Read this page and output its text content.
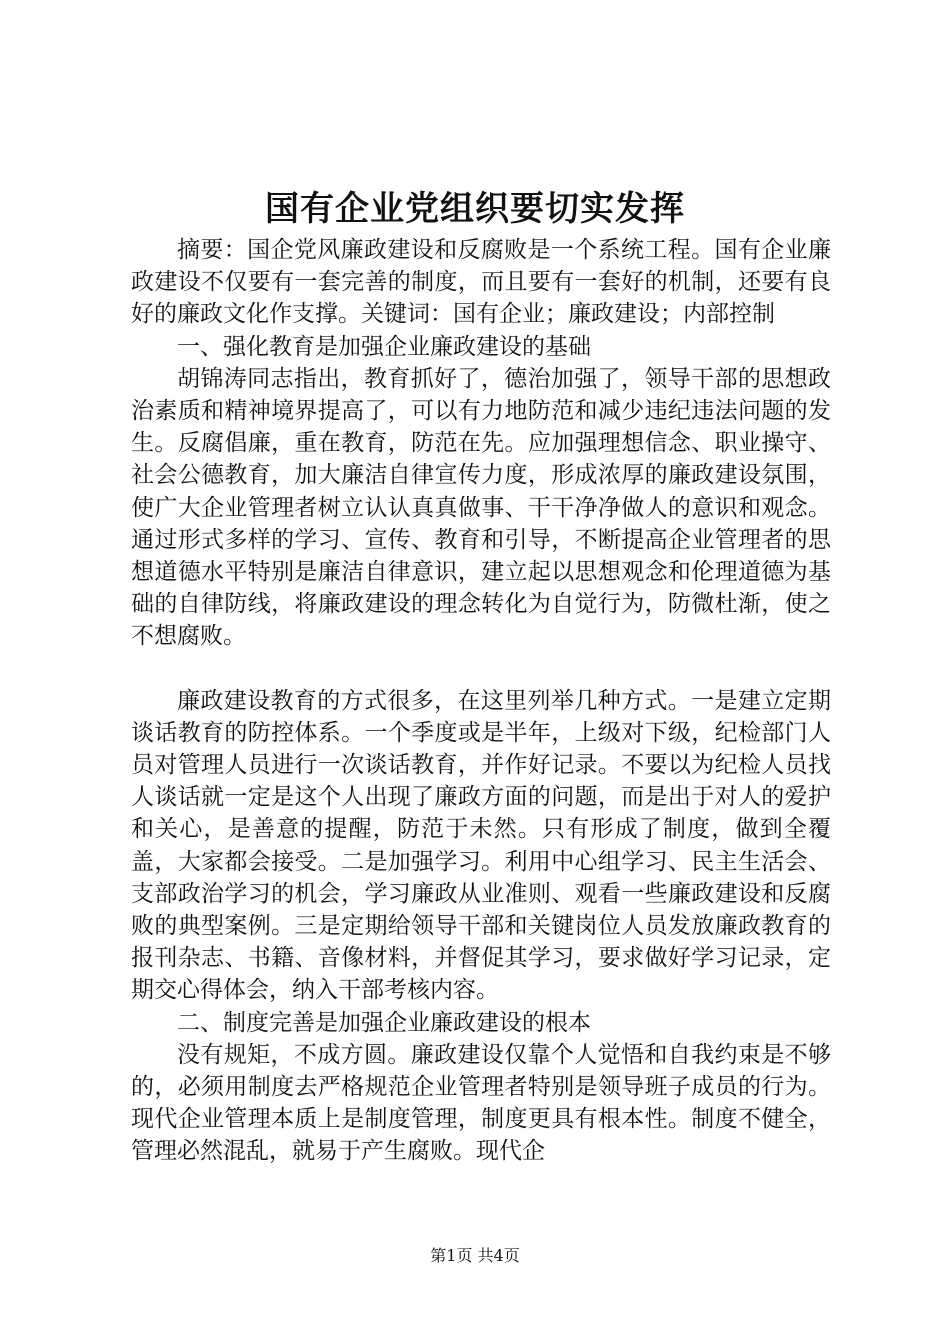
国有企业党组织要切实发挥

摘要：国企党风廉政建设和反腐败是一个系统工程。国有企业廉政建设不仅要有一套完善的制度，而且要有一套好的机制，还要有良好的廉政文化作支撑。关键词：国有企业；廉政建设；内部控制

一、强化教育是加强企业廉政建设的基础

胡锦涛同志指出，教育抓好了，德治加强了，领导干部的思想政治素质和精神境界提高了，可以有力地防范和减少违纪违法问题的发生。反腐倡廉，重在教育，防范在先。应加强理想信念、职业操守、社会公德教育，加大廉洁自律宣传力度，形成浓厚的廉政建设氛围，使广大企业管理者树立认认真真做事、干干净净做人的意识和观念。通过形式多样的学习、宣传、教育和引导，不断提高企业管理者的思想道德水平特别是廉洁自律意识，建立起以思想观念和伦理道德为基础的自律防线，将廉政建设的理念转化为自觉行为，防微杜渐，使之不想腐败。

廉政建设教育的方式很多，在这里列举几种方式。一是建立定期谈话教育的防控体系。一个季度或是半年，上级对下级，纪检部门人员对管理人员进行一次谈话教育，并作好记录。不要以为纪检人员找人谈话就一定是这个人出现了廉政方面的问题，而是出于对人的爱护和关心，是善意的提醒，防范于未然。只有形成了制度，做到全覆盖，大家都会接受。二是加强学习。利用中心组学习、民主生活会、支部政治学习的机会，学习廉政从业准则、观看一些廉政建设和反腐败的典型案例。三是定期给领导干部和关键岗位人员发放廉政教育的报刊杂志、书籍、音像材料，并督促其学习，要求做好学习记录，定期交心得体会，纳入干部考核内容。

二、制度完善是加强企业廉政建设的根本

没有规矩，不成方圆。廉政建设仅靠个人觉悟和自我约束是不够的，必须用制度去严格规范企业管理者特别是领导班子成员的行为。现代企业管理本质上是制度管理，制度更具有根本性。制度不健全，管理必然混乱，就易于产生腐败。现代企

第1页 共4页
